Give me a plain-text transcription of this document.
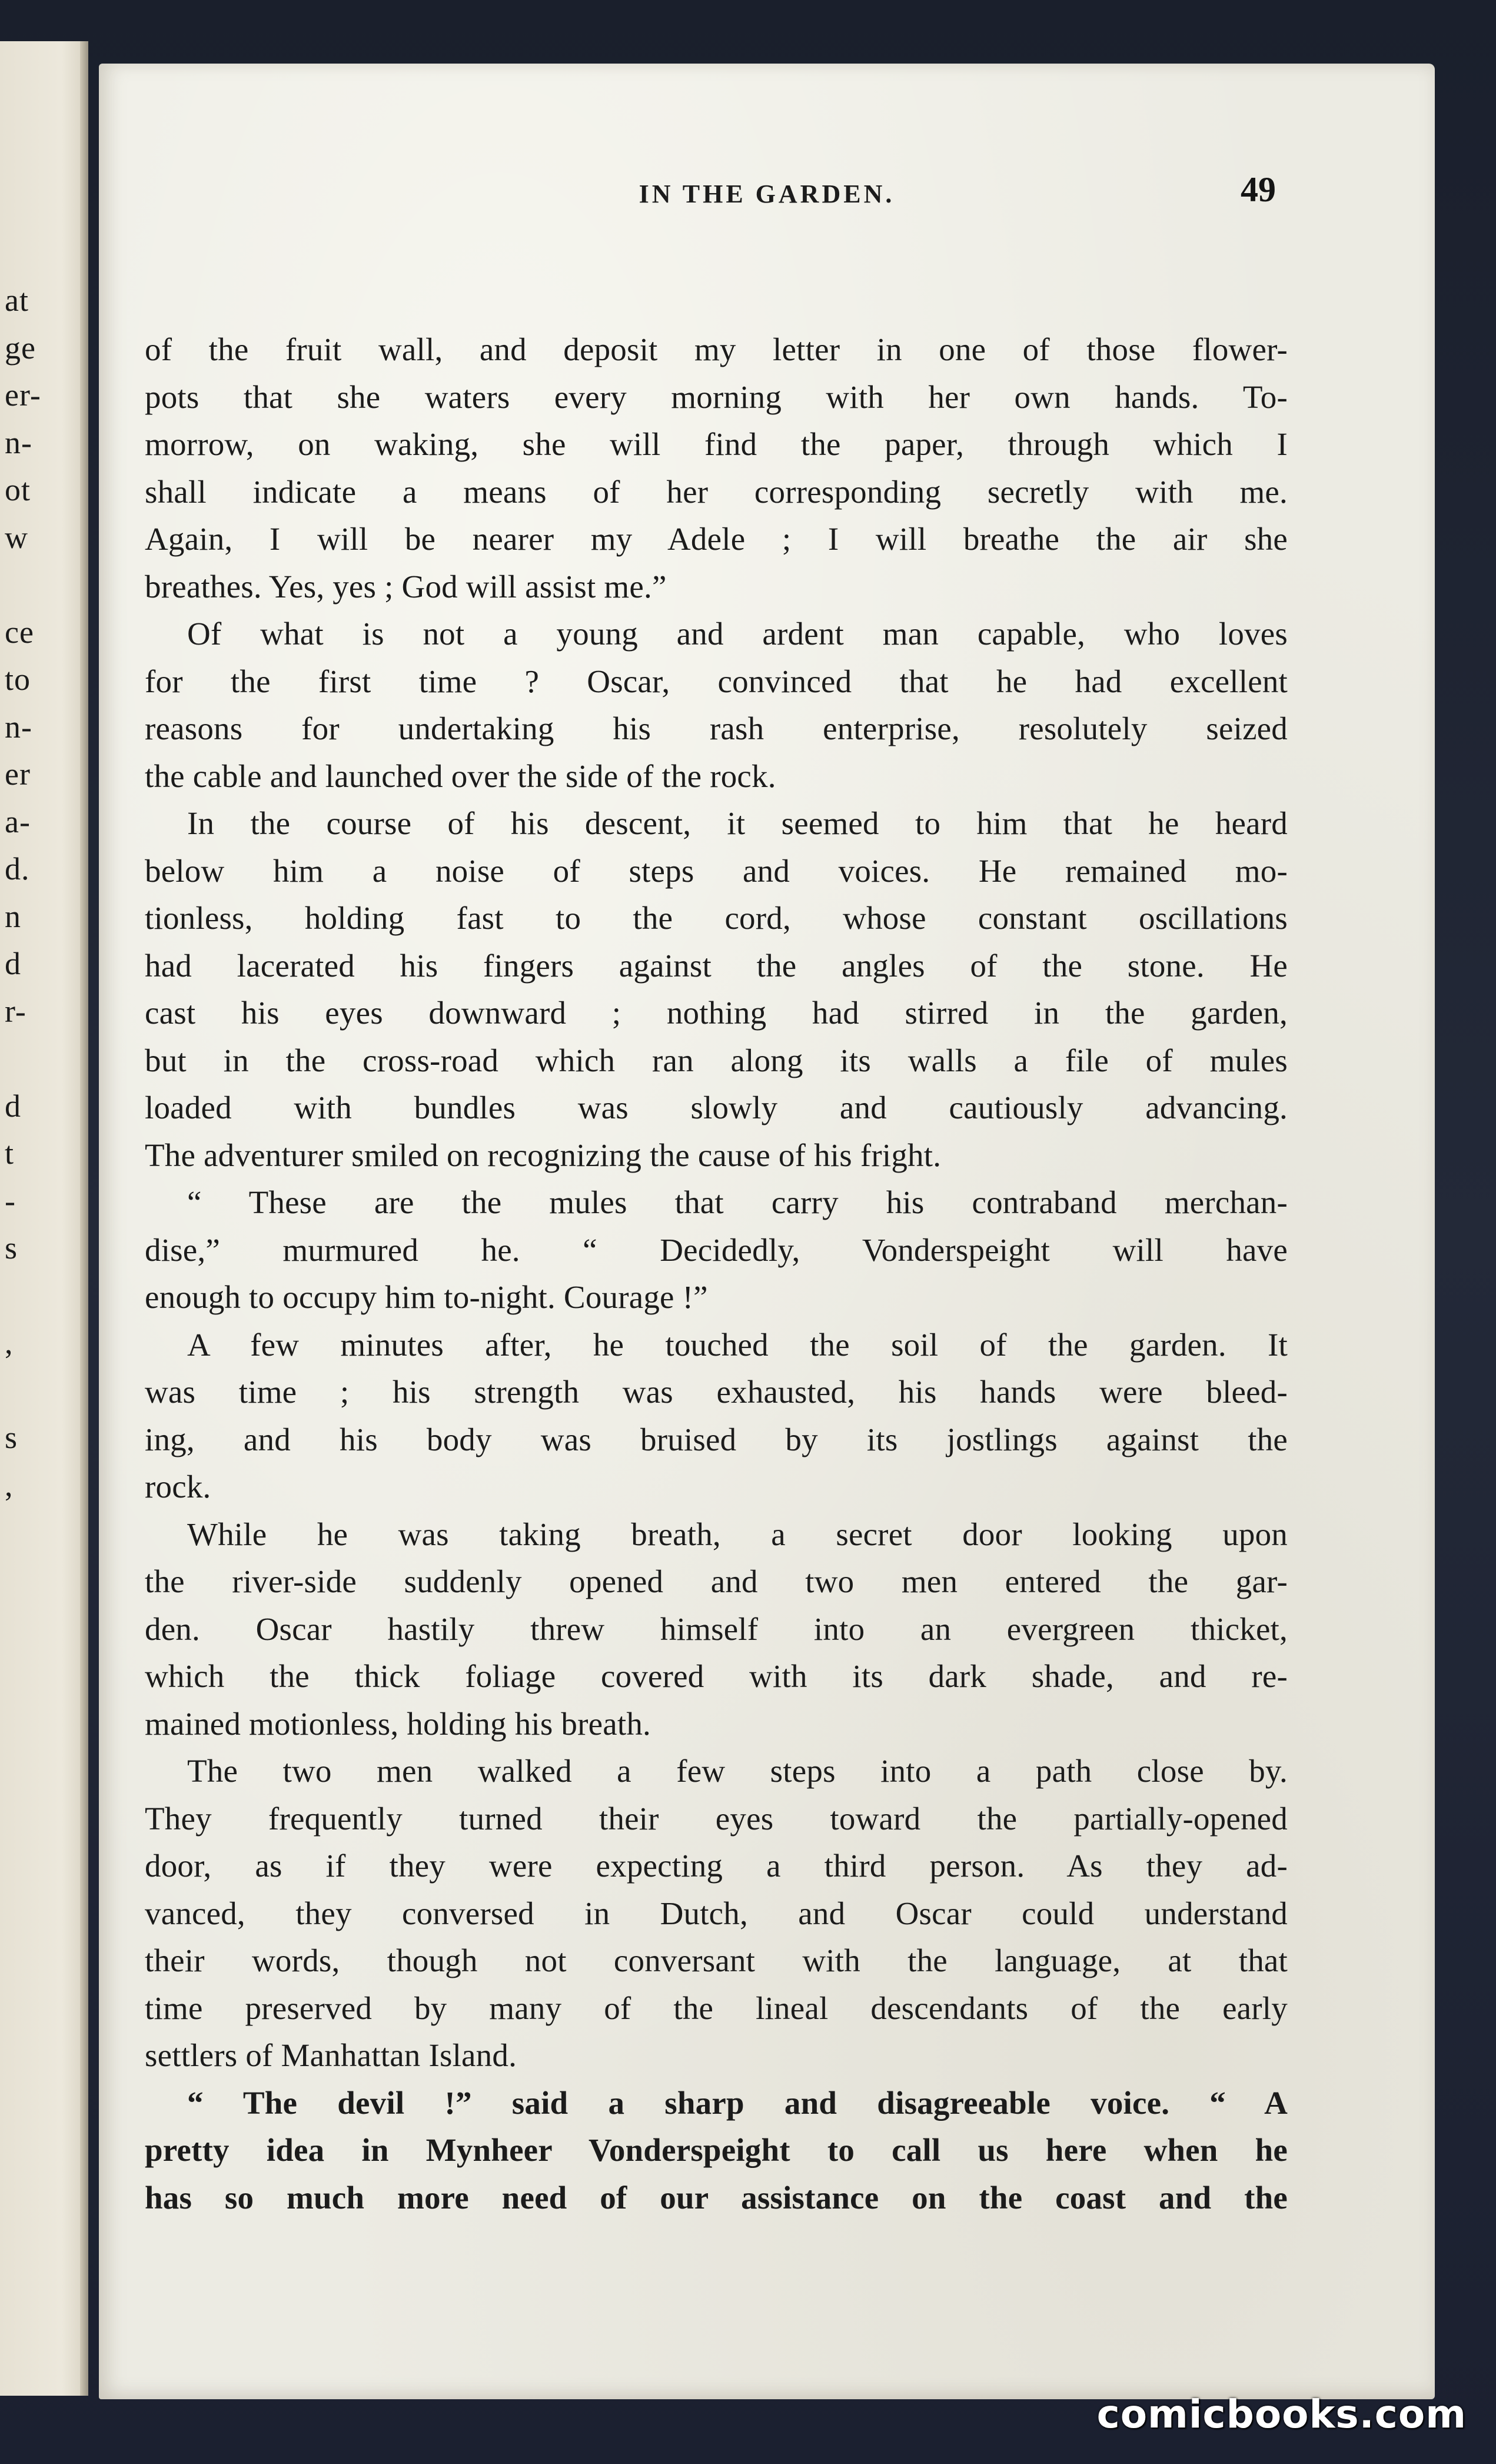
at
ge
er-
n-
ot
w
ce
to
n-
er
a-
d.
n
d
r-
d
t
-
s
,
s
,
IN THE GARDEN.	49
of the fruit wall, and deposit my letter in one of those flower-
pots that she waters every morning with her own hands. To-
morrow, on waking, she will find the paper, through which I
shall indicate a means of her corresponding secretly with me.
Again, I will be nearer my Adele ; I will breathe the air she
breathes. Yes, yes ; God will assist me.”
Of what is not a young and ardent man capable, who loves
for the first time ? Oscar, convinced that he had excellent
reasons for undertaking his rash enterprise, resolutely seized
the cable and launched over the side of the rock.
In the course of his descent, it seemed to him that he heard
below him a noise of steps and voices. He remained mo-
tionless, holding fast to the cord, whose constant oscillations
had lacerated his fingers against the angles of the stone. He
cast his eyes downward ; nothing had stirred in the garden,
but in the cross-road which ran along its walls a file of mules
loaded with bundles was slowly and cautiously advancing.
The adventurer smiled on recognizing the cause of his fright.
“ These are the mules that carry his contraband merchan-
dise,” murmured he. “ Decidedly, Vonderspeight will have
enough to occupy him to-night. Courage !”
A few minutes after, he touched the soil of the garden. It
was time ; his strength was exhausted, his hands were bleed-
ing, and his body was bruised by its jostlings against the
rock.
While he was taking breath, a secret door looking upon
the river-side suddenly opened and two men entered the gar-
den. Oscar hastily threw himself into an evergreen thicket,
which the thick foliage covered with its dark shade, and re-
mained motionless, holding his breath.
The two men walked a few steps into a path close by.
They frequently turned their eyes toward the partially-opened
door, as if they were expecting a third person. As they ad-
vanced, they conversed in Dutch, and Oscar could understand
their words, though not conversant with the language, at that
time preserved by many of the lineal descendants of the early
settlers of Manhattan Island.
“ The devil !” said a sharp and disagreeable voice. “ A
pretty idea in Mynheer Vonderspeight to call us here when he
has so much more need of our assistance on the coast and the
comicbooks.com
